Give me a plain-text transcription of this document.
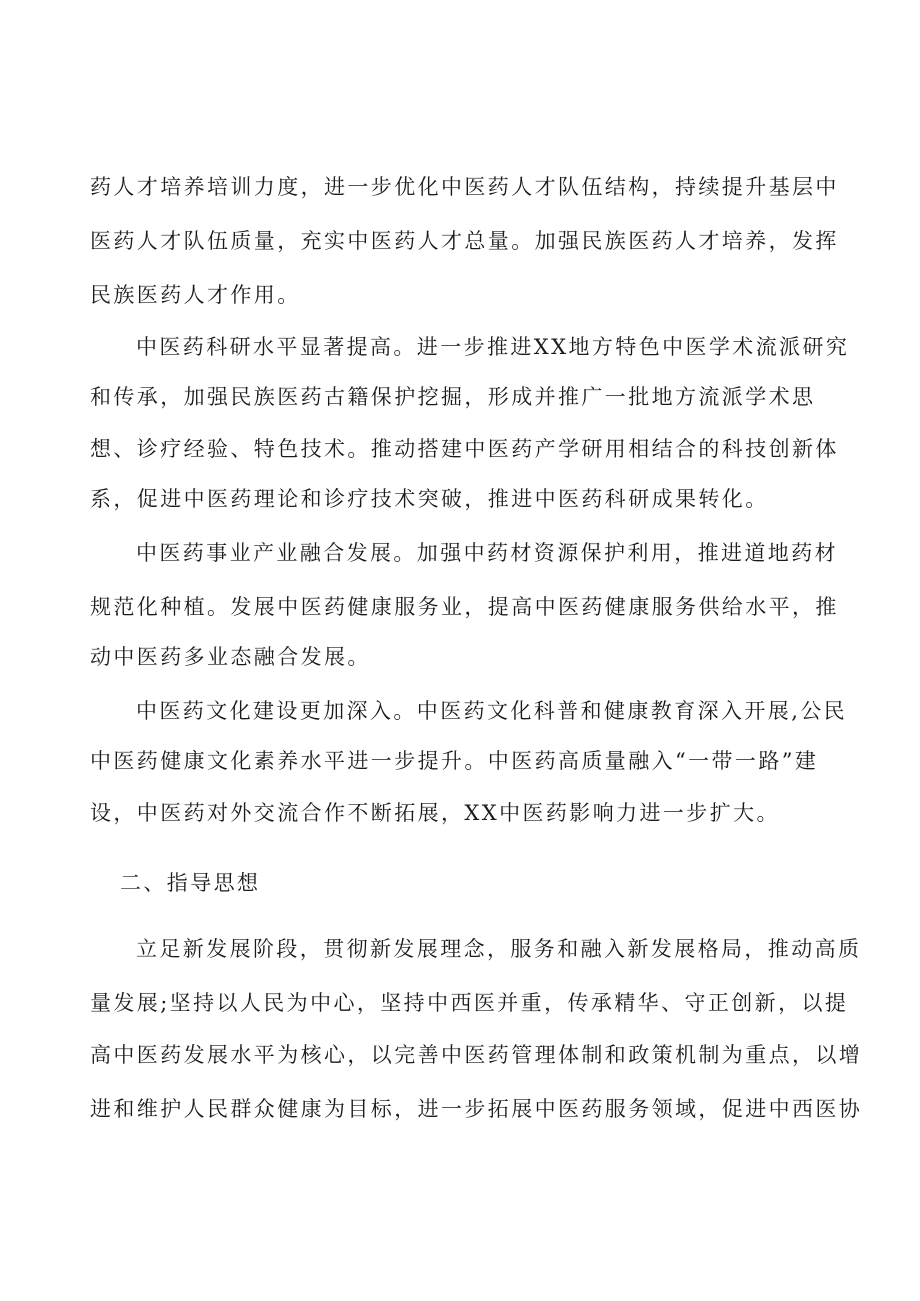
药人才培养培训力度，进一步优化中医药人才队伍结构，持续提升基层中
医药人才队伍质量，充实中医药人才总量。加强民族医药人才培养，发挥
民族医药人才作用。
中医药科研水平显著提高。进一步推进XX地方特色中医学术流派研究
和传承，加强民族医药古籍保护挖掘，形成并推广一批地方流派学术思
想、诊疗经验、特色技术。推动搭建中医药产学研用相结合的科技创新体
系，促进中医药理论和诊疗技术突破，推进中医药科研成果转化。
中医药事业产业融合发展。加强中药材资源保护利用，推进道地药材
规范化种植。发展中医药健康服务业，提高中医药健康服务供给水平，推
动中医药多业态融合发展。
中医药文化建设更加深入。中医药文化科普和健康教育深入开展,公民
中医药健康文化素养水平进一步提升。中医药高质量融入“一带一路”建
设，中医药对外交流合作不断拓展，XX中医药影响力进一步扩大。
二、指导思想
立足新发展阶段，贯彻新发展理念，服务和融入新发展格局，推动高质
量发展;坚持以人民为中心，坚持中西医并重，传承精华、守正创新，以提
高中医药发展水平为核心，以完善中医药管理体制和政策机制为重点，以增
进和维护人民群众健康为目标，进一步拓展中医药服务领域，促进中西医协
